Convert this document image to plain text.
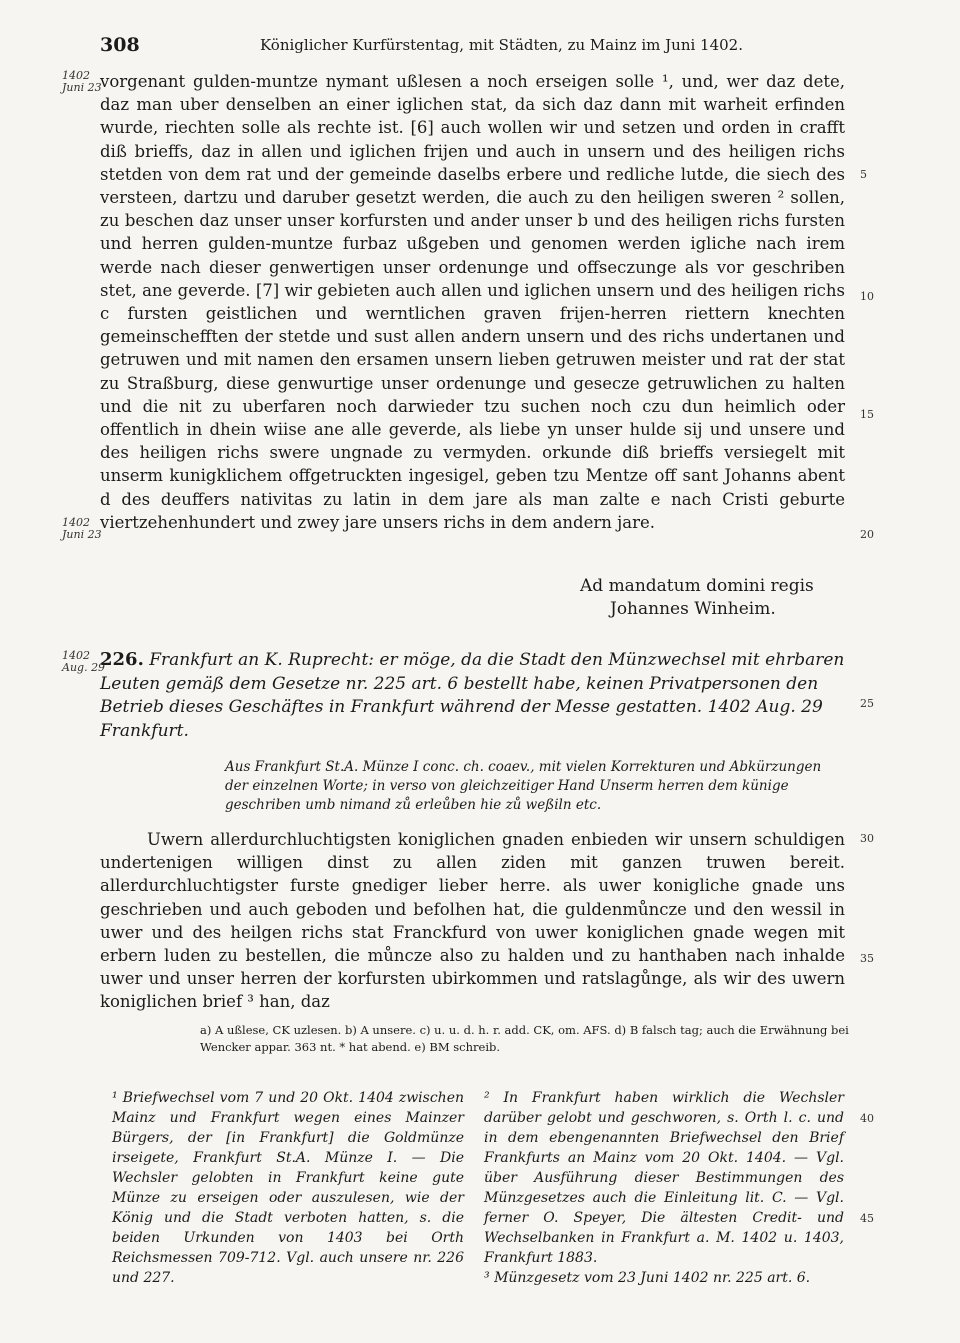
308	Königlicher Kurfürstentag, mit Städten, zu Mainz im Juni 1402.
1402
Juni 23
1402
Juni 23
1402
Aug. 29
5
10
15
20
25
30
35
40
45

vorgenant gulden-muntze nymant ußlesen a noch erseigen solle ¹, und, wer daz dete, daz man uber denselben an einer iglichen stat, da sich daz dann mit warheit erfinden wurde, riechten solle als rechte ist. [6] auch wollen wir und setzen und orden in crafft diß brieffs, daz in allen und iglichen frijen und auch in unsern und des heiligen richs stetden von dem rat und der gemeinde daselbs erbere und redliche lutde, die siech des versteen, dartzu und daruber gesetzt werden, die auch zu den heiligen sweren ² sollen, zu beschen daz unser unser korfursten und ander unser b und des heiligen richs fursten und herren gulden-muntze furbaz ußgeben und genomen werden igliche nach irem werde nach dieser genwertigen unser ordenunge und offseczunge als vor geschriben stet, ane geverde. [7] wir gebieten auch allen und iglichen unsern und des heiligen richs c fursten geistlichen und werntlichen graven frijen-herren riettern knechten gemeinschefften der stetde und sust allen andern unsern und des richs undertanen und getruwen und mit namen den ersamen unsern lieben getruwen meister und rat der stat zu Straßburg, diese genwurtige unser ordenunge und gesecze getruwlichen zu halten und die nit zu uberfaren noch darwieder tzu suchen noch czu dun heimlich oder offentlich in dhein wiise ane alle geverde, als liebe yn unser hulde sij und unsere und des heiligen richs swere ungnade zu vermyden. orkunde diß brieffs versiegelt mit unserm kunigklichem offgetruckten ingesigel, geben tzu Mentze off sant Johanns abent d des deuffers nativitas zu latin in dem jare als man zalte e nach Cristi geburte viertzehenhundert und zwey jare unsers richs in dem andern jare.

Ad mandatum domini regis
Johannes Winheim.
226. Frankfurt an K. Ruprecht: er möge, da die Stadt den Münzwechsel mit ehrbaren Leuten gemäß dem Gesetze nr. 225 art. 6 bestellt habe, keinen Privatpersonen den Betrieb dieses Geschäftes in Frankfurt während der Messe gestatten. 1402 Aug. 29 Frankfurt.
Aus Frankfurt St.A. Münze I conc. ch. coaev., mit vielen Korrekturen und Abkürzungen der einzelnen Worte; in verso von gleichzeitiger Hand Unserm herren dem künige geschriben umb nimand zů erleůben hie zů weßiln etc.

Uwern allerdurchluchtigsten koniglichen gnaden enbieden wir unsern schuldigen undertenigen willigen dinst zu allen ziden mit ganzen truwen bereit. allerdurchluchtigster furste gnediger lieber herre. als uwer konigliche gnade uns geschrieben und auch geboden und befolhen hat, die guldenmůncze und den wessil in uwer und des heilgen richs stat Franckfurd von uwer koniglichen gnade wegen mit erbern luden zu bestellen, die můncze also zu halden und zu hanthaben nach inhalde uwer und unser herren der korfursten ubirkommen und ratslagůnge, als wir des uwern koniglichen brief ³ han, daz

a) A ußlese, CK uzlesen. b) A unsere. c) u. u. d. h. r. add. CK, om. AFS. d) B falsch tag; auch die Erwähnung bei Wencker appar. 363 nt. * hat abend. e) BM schreib.
¹ Briefwechsel vom 7 und 20 Okt. 1404 zwischen Mainz und Frankfurt wegen eines Mainzer Bürgers, der [in Frankfurt] die Goldmünze irseigete, Frankfurt St.A. Münze I. — Die Wechsler gelobten in Frankfurt keine gute Münze zu erseigen oder auszulesen, wie der König und die Stadt verboten hatten, s. die beiden Urkunden von 1403 bei Orth Reichsmessen 709-712. Vgl. auch unsere nr. 226 und 227.
² In Frankfurt haben wirklich die Wechsler darüber gelobt und geschworen, s. Orth l. c. und in dem ebengenannten Briefwechsel den Brief Frankfurts an Mainz vom 20 Okt. 1404. — Vgl. über Ausführung dieser Bestimmungen des Münzgesetzes auch die Einleitung lit. C. — Vgl. ferner O. Speyer, Die ältesten Credit- und Wechselbanken in Frankfurt a. M. 1402 u. 1403, Frankfurt 1883.
³ Münzgesetz vom 23 Juni 1402 nr. 225 art. 6.
